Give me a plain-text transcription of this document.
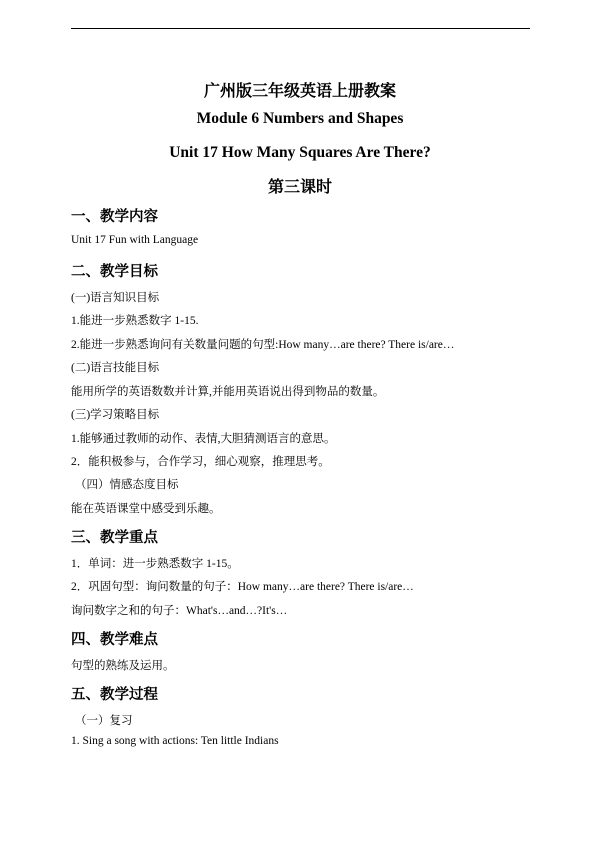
广州版三年级英语上册教案
Module 6 Numbers and Shapes
Unit 17 How Many Squares Are There?
第三课时
一、教学内容
Unit 17 Fun with Language
二、教学目标
(一)语言知识目标
1.能进一步熟悉数字 1-15.
2.能进一步熟悉询问有关数量问题的句型:How many…are there? There is/are…
(二)语言技能目标
能用所学的英语数数并计算,并能用英语说出得到物品的数量。
(三)学习策略目标
1.能够通过教师的动作、表情,大胆猜测语言的意思。
2．能积极参与，合作学习，细心观察，推理思考。
（四）情感态度目标
能在英语课堂中感受到乐趣。
三、教学重点
1．单词：进一步熟悉数字 1-15。
2．巩固句型：询问数量的句子：How many…are there? There is/are…
询问数字之和的句子：What's…and…?It's…
四、教学难点
句型的熟练及运用。
五、教学过程
（一）复习
1. Sing a song with actions: Ten little Indians
